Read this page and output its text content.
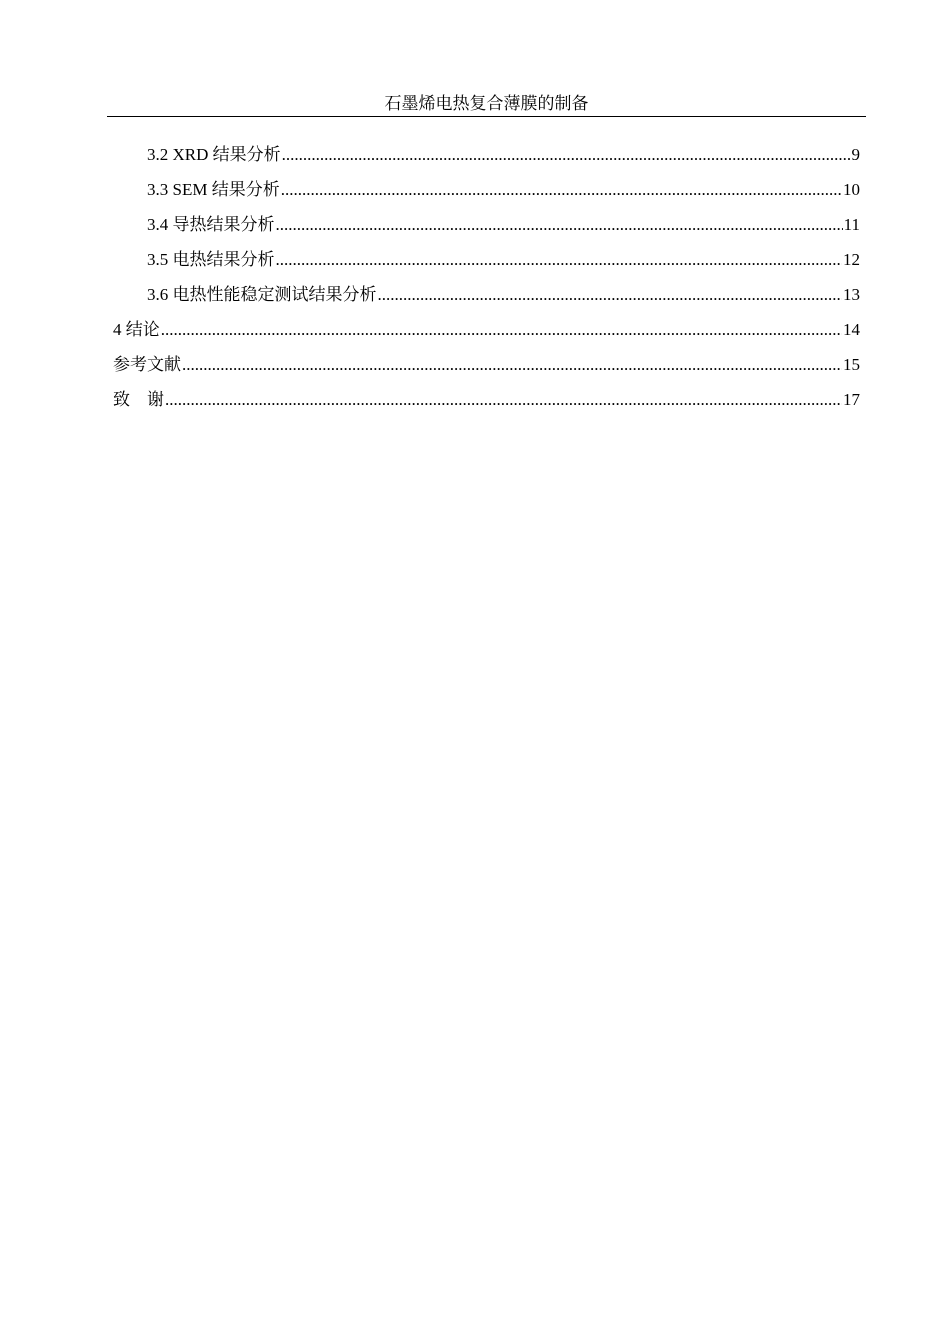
石墨烯电热复合薄膜的制备
3.2 XRD 结果分析 .....	9
3.3 SEM 结果分析 .....	10
3.4 导热结果分析 .....	11
3.5 电热结果分析 .....	12
3.6 电热性能稳定测试结果分析 .....	13
4 结论 .....	14
参考文献 .....	15
致　谢 .....	17
